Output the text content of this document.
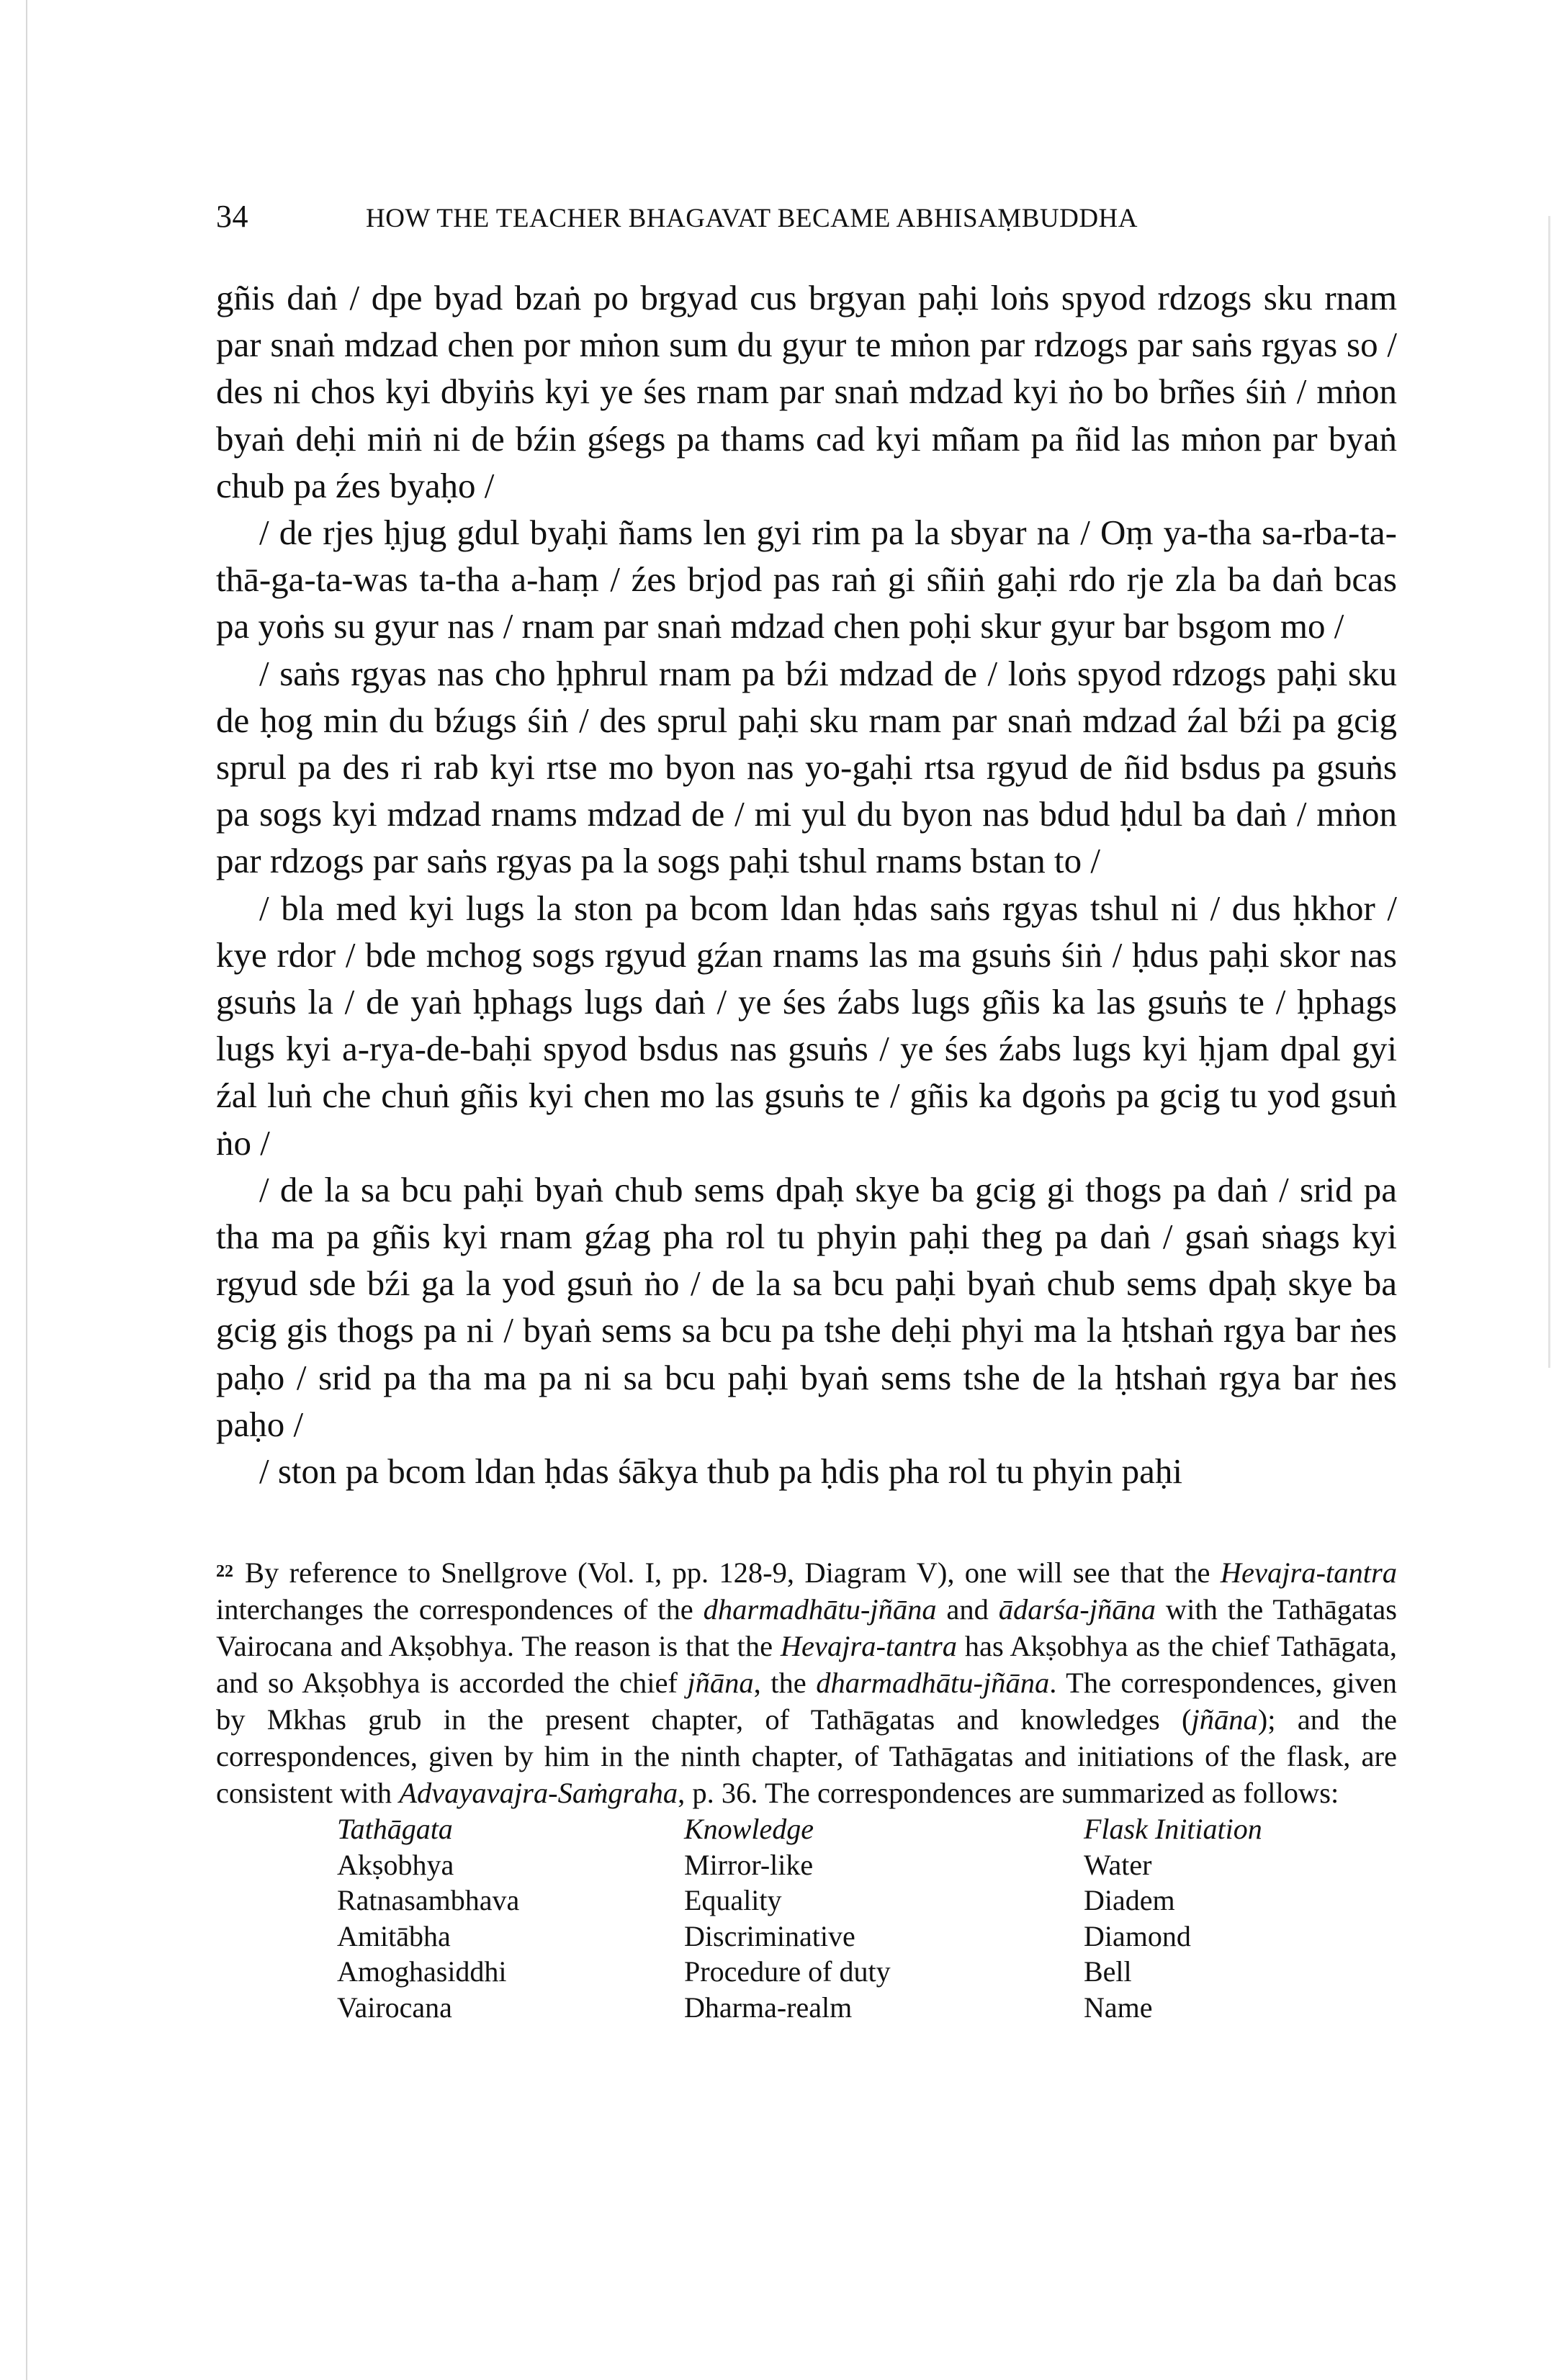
34	HOW THE TEACHER BHAGAVAT BECAME ABHISAṂBUDDHA

gñis daṅ / dpe byad bzaṅ po brgyad cus brgyan paḥi loṅs spyod rdzogs sku rnam par snaṅ mdzad chen por mṅon sum du gyur te mṅon par rdzogs par saṅs rgyas so / des ni chos kyi dbyiṅs kyi ye śes rnam par snaṅ mdzad kyi ṅo bo brñes śiṅ / mṅon byaṅ deḥi miṅ ni de bźin gśegs pa thams cad kyi mñam pa ñid las mṅon par byaṅ chub pa źes byaḥo /

/ de rjes ḥjug gdul byaḥi ñams len gyi rim pa la sbyar na / Oṃ ya-tha sa-rba-ta-thā-ga-ta-was ta-tha a-haṃ / źes brjod pas raṅ gi sñiṅ gaḥi rdo rje zla ba daṅ bcas pa yoṅs su gyur nas / rnam par snaṅ mdzad chen poḥi skur gyur bar bsgom mo /

/ saṅs rgyas nas cho ḥphrul rnam pa bźi mdzad de / loṅs spyod rdzogs paḥi sku de ḥog min du bźugs śiṅ / des sprul paḥi sku rnam par snaṅ mdzad źal bźi pa gcig sprul pa des ri rab kyi rtse mo byon nas yo-gaḥi rtsa rgyud de ñid bsdus pa gsuṅs pa sogs kyi mdzad rnams mdzad de / mi yul du byon nas bdud ḥdul ba daṅ / mṅon par rdzogs par saṅs rgyas pa la sogs paḥi tshul rnams bstan to /

/ bla med kyi lugs la ston pa bcom ldan ḥdas saṅs rgyas tshul ni / dus ḥkhor / kye rdor / bde mchog sogs rgyud gźan rnams las ma gsuṅs śiṅ / ḥdus paḥi skor nas gsuṅs la / de yaṅ ḥphags lugs daṅ / ye śes źabs lugs gñis ka las gsuṅs te / ḥphags lugs kyi a-rya-de-baḥi spyod bsdus nas gsuṅs / ye śes źabs lugs kyi ḥjam dpal gyi źal luṅ che chuṅ gñis kyi chen mo las gsuṅs te / gñis ka dgoṅs pa gcig tu yod gsuṅ ṅo /

/ de la sa bcu paḥi byaṅ chub sems dpaḥ skye ba gcig gi thogs pa daṅ / srid pa tha ma pa gñis kyi rnam gźag pha rol tu phyin paḥi theg pa daṅ / gsaṅ sṅags kyi rgyud sde bźi ga la yod gsuṅ ṅo / de la sa bcu paḥi byaṅ chub sems dpaḥ skye ba gcig gis thogs pa ni / byaṅ sems sa bcu pa tshe deḥi phyi ma la ḥtshaṅ rgya bar ṅes paḥo / srid pa tha ma pa ni sa bcu paḥi byaṅ sems tshe de la ḥtshaṅ rgya bar ṅes paḥo /

/ ston pa bcom ldan ḥdas śākya thub pa ḥdis pha rol tu phyin paḥi

22 By reference to Snellgrove (Vol. I, pp. 128-9, Diagram V), one will see that the Hevajra-tantra interchanges the correspondences of the dharmadhātu-jñāna and ādarśa-jñāna with the Tathāgatas Vairocana and Akṣobhya. The reason is that the Hevajra-tantra has Akṣobhya as the chief Tathāgata, and so Akṣobhya is accorded the chief jñāna, the dharmadhātu-jñāna. The correspondences, given by Mkhas grub in the present chapter, of Tathāgatas and knowledges (jñāna); and the correspondences, given by him in the ninth chapter, of Tathāgatas and initiations of the flask, are consistent with Advayavajra-Saṁgraha, p. 36. The correspondences are summarized as follows:
Tathāgata	Knowledge	Flask Initiation
Akṣobhya	Mirror-like	Water
Ratnasambhava	Equality	Diadem
Amitābha	Discriminative	Diamond
Amoghasiddhi	Procedure of duty	Bell
Vairocana	Dharma-realm	Name
